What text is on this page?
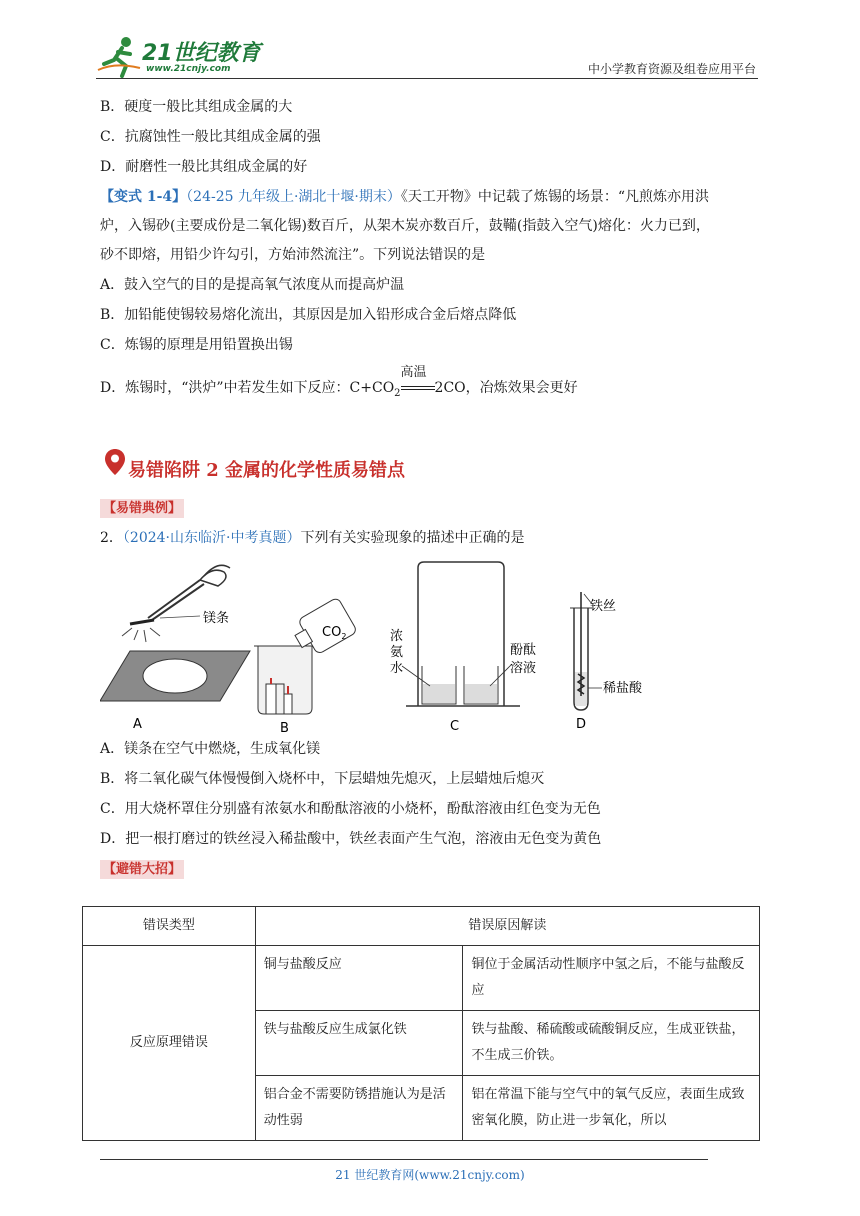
21世纪教育
www.21cnjy.com	中小学教育资源及组卷应用平台
B．硬度一般比其组成金属的大
C．抗腐蚀性一般比其组成金属的强
D．耐磨性一般比其组成金属的好
【变式 1-4】（24-25 九年级上·湖北十堰·期末）《天工开物》中记载了炼锡的场景：“凡煎炼亦用洪
炉，入锡砂(主要成份是二氧化锡)数百斤，从架木炭亦数百斤，鼓鞴(指鼓入空气)熔化：火力已到，
砂不即熔，用铅少许勾引，方始沛然流注”。下列说法错误的是
A．鼓入空气的目的是提高氧气浓度从而提高炉温
B．加铅能使锡较易熔化流出，其原因是加入铅形成合金后熔点降低
C．炼锡的原理是用铅置换出锡
D．炼锡时，“洪炉”中若发生如下反应：$C+CO_2$
高温
2CO，冶炼效果会更好
易错陷阱 2 金属的化学性质易错点
【易错典例】
2．（2024·山东临沂·中考真题）下列有关实验现象的描述中正确的是
镁条
A
$CO_2$
B
浓
氨
水
酚酞
溶液
C
铁丝
稀盐酸
D
A．镁条在空气中燃烧，生成氧化镁
B．将二氧化碳气体慢慢倒入烧杯中，下层蜡烛先熄灭，上层蜡烛后熄灭
C．用大烧杯罩住分别盛有浓氨水和酚酞溶液的小烧杯，酚酞溶液由红色变为无色
D．把一根打磨过的铁丝浸入稀盐酸中，铁丝表面产生气泡，溶液由无色变为黄色
【避错大招】
错误类型	错误原因解读	
反应原理错误	铜与盐酸反应	铜位于金属活动性顺序中氢之后，不能与盐酸反应
	铁与盐酸反应生成氯化铁	铁与盐酸、稀硫酸或硫酸铜反应，生成亚铁盐，不生成三价铁。
	铝合金不需要防锈措施认为是活动性弱	铝在常温下能与空气中的氧气反应，表面生成致密氧化膜，防止进一步氧化，所以
21 世纪教育网(www.21cnjy.com)
